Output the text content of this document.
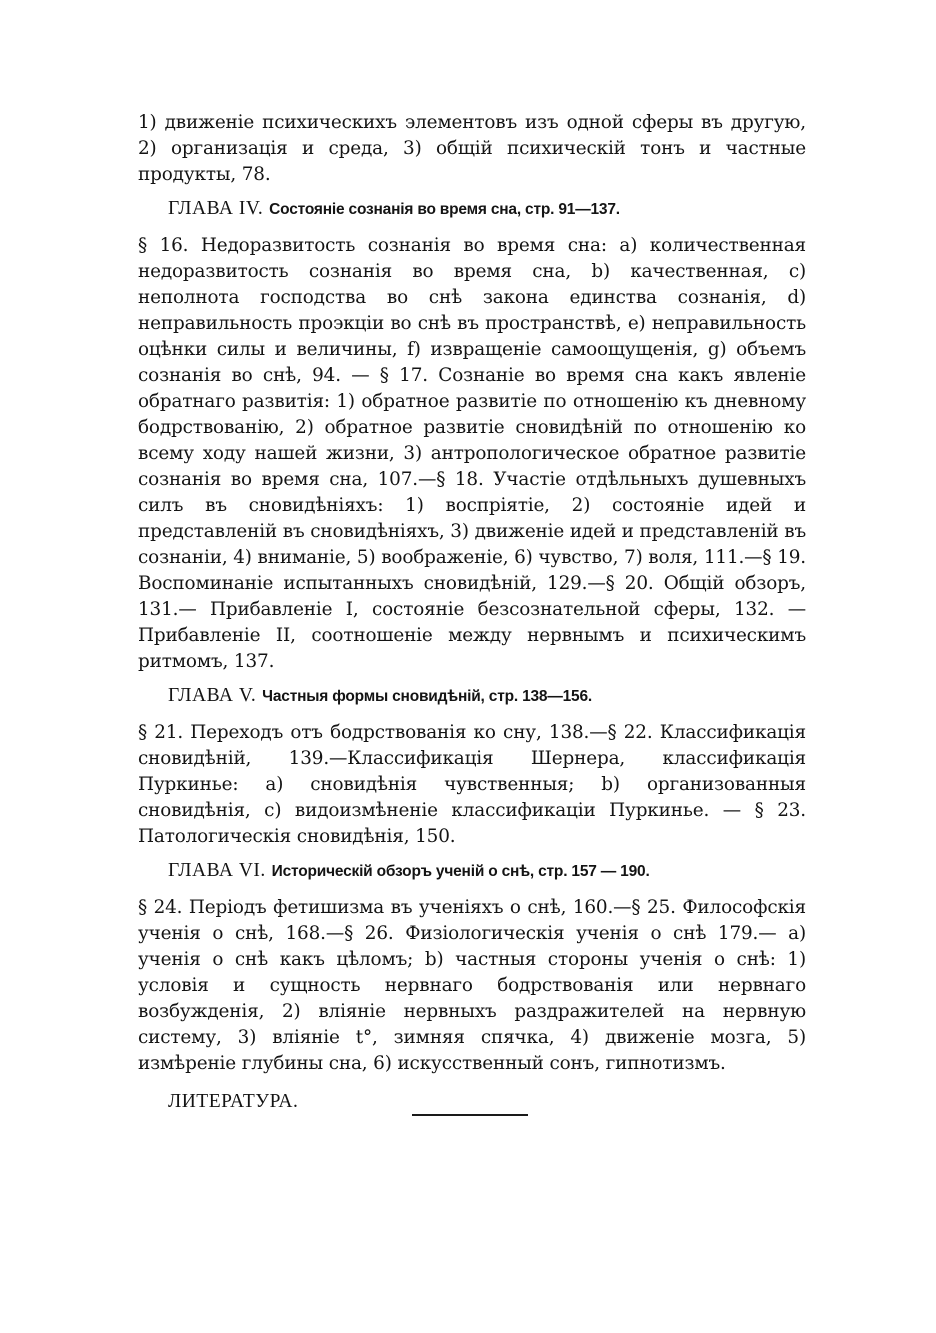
1) движеніе психическихъ элементовъ изъ одной сферы въ другую, 2) организація и среда, 3) общій психическій тонъ и частные продукты, 78.

ГЛАВА IV. Состояніе сознанія во время сна, стр. 91—137.

§ 16. Недоразвитость сознанія во время сна: а) количественная недоразвитость сознанія во время сна, b) качественная, с) неполнота господства во снѣ закона единства сознанія, d) неправильность проэкціи во снѣ въ пространствѣ, е) неправильность оцѣнки силы и величины, f) извращеніе самоощущенія, g) объемъ сознанія во снѣ, 94. — § 17. Сознаніе во время сна какъ явленіе обратнаго развитія: 1) обратное развитіе по отношенію къ дневному бодрствованію, 2) обратное развитіе сновидѣній по отношенію ко всему ходу нашей жизни, 3) антропологическое обратное развитіе сознанія во время сна, 107.—§ 18. Участіе отдѣльныхъ душевныхъ силъ въ сновидѣніяхъ: 1) воспріятіе, 2) состояніе идей и представленій въ сновидѣніяхъ, 3) движеніе идей и представленій въ сознаніи, 4) вниманіе, 5) воображеніе, 6) чувство, 7) воля, 111.—§ 19. Воспоминаніе испытанныхъ сновидѣній, 129.—§ 20. Общій обзоръ, 131.— Прибавленіе I, состояніе безсознательной сферы, 132. — Прибавленіе II, соотношеніе между нервнымъ и психическимъ ритмомъ, 137.

ГЛАВА V. Частныя формы сновидѣній, стр. 138—156.

§ 21. Переходъ отъ бодрствованія ко сну, 138.—§ 22. Классификація сновидѣній, 139.—Классификація Шернера, классификація Пуркинье: а) сновидѣнія чувственныя; b) организованныя сновидѣнія, с) видоизмѣненіе классификаціи Пуркинье. — § 23. Патологическія сновидѣнія, 150.

ГЛАВА VI. Историческій обзоръ ученій о снѣ, стр. 157 — 190.

§ 24. Періодъ фетишизма въ ученіяхъ о снѣ, 160.—§ 25. Философскія ученія о снѣ, 168.—§ 26. Физіологическія ученія о снѣ 179.— а) ученія о снѣ какъ цѣломъ; b) частныя стороны ученія о снѣ: 1) условія и сущность нервнаго бодрствованія или нервнаго возбужденія, 2) вліяніе нервныхъ раздражителей на нервную систему, 3) вліяніе t°, зимняя спячка, 4) движеніе мозга, 5) измѣреніе глубины сна, 6) искусственный сонъ, гипнотизмъ.

ЛИТЕРАТУРА.
